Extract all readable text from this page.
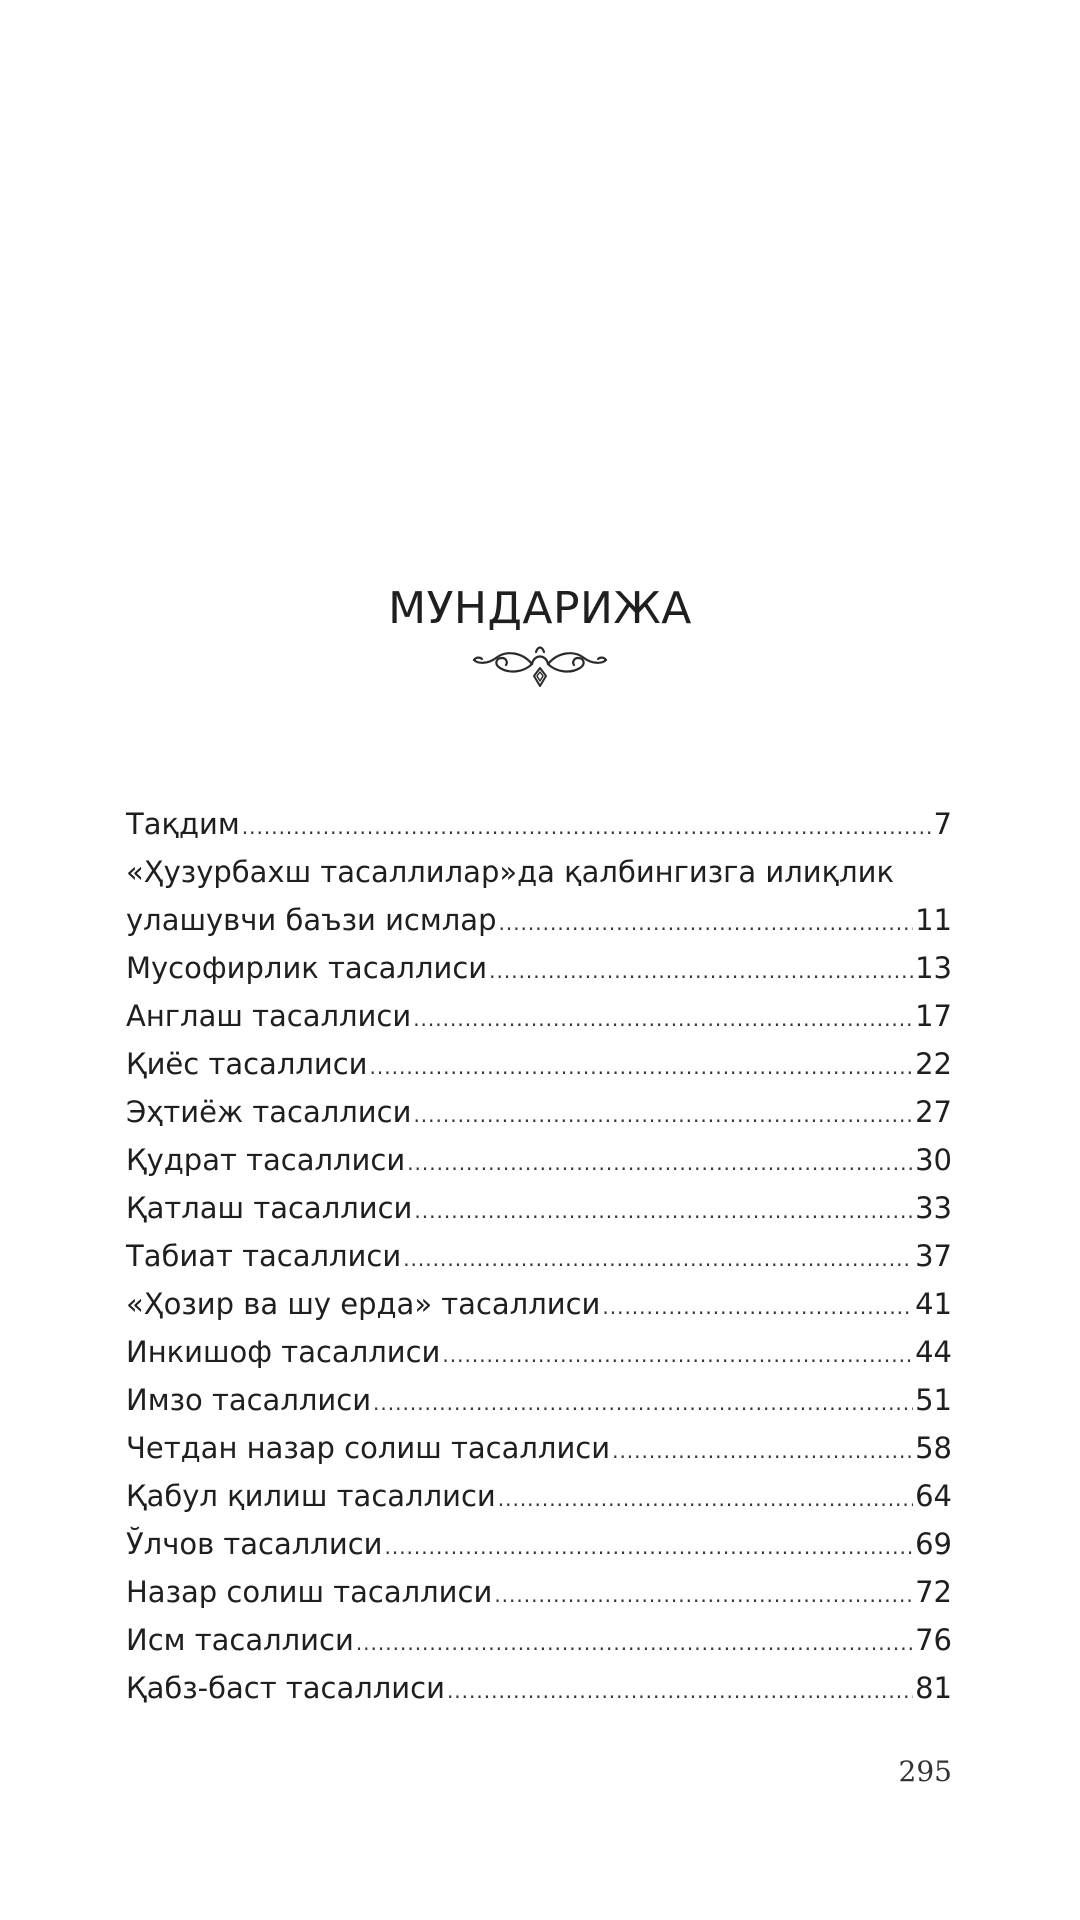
МУНДАРИЖА
Тақдим .....	7
«Ҳузурбахш тасаллилар»да қалбингизга илиқлик
улашувчи баъзи исмлар .....	11
Мусофирлик тасаллиси .....	13
Англаш тасаллиси .....	17
Қиёс тасаллиси .....	22
Эҳтиёж тасаллиси .....	27
Қудрат тасаллиси .....	30
Қатлаш тасаллиси .....	33
Табиат тасаллиси .....	37
«Ҳозир ва шу ерда» тасаллиси .....	41
Инкишоф тасаллиси .....	44
Имзо тасаллиси .....	51
Четдан назар солиш тасаллиси .....	58
Қабул қилиш тасаллиси .....	64
Ўлчов тасаллиси .....	69
Назар солиш тасаллиси .....	72
Исм тасаллиси .....	76
Қабз-баст тасаллиси .....	81
295
